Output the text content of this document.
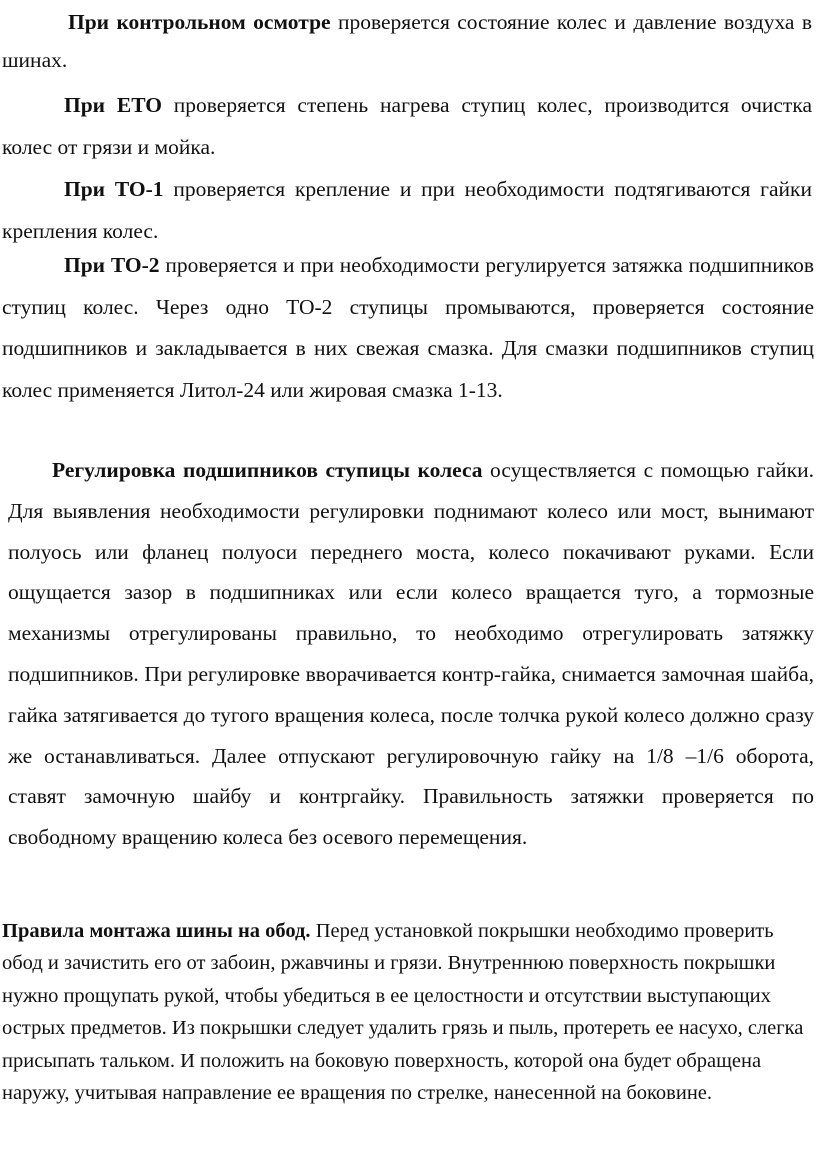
При контрольном осмотре проверяется состояние колес и давление воздуха в шинах.

При ЕТО проверяется степень нагрева ступиц колес, производится очистка колес от грязи и мойка.

При ТО-1 проверяется крепление и при необходимости подтягиваются гайки крепления колес.

При ТО-2 проверяется и при необходимости регулируется затяжка подшипников ступиц колес. Через одно ТО-2 ступицы промываются, проверяется состояние подшипников и закладывается в них свежая смазка. Для смазки подшипников ступиц колес применяется Литол-24 или жировая смазка 1-13.

Регулировка подшипников ступицы колеса осуществляется с помощью гайки. Для выявления необходимости регулировки поднимают колесо или мост, вынимают полуось или фланец полуоси переднего моста, колесо покачивают руками. Если ощущается зазор в подшипниках или если колесо вращается туго, а тормозные механизмы отрегулированы правильно, то необходимо отрегулировать затяжку подшипников. При регулировке вворачивается контр-гайка, снимается замочная шайба, гайка затягивается до тугого вращения колеса, после толчка рукой колесо должно сразу же останавливаться. Далее отпускают регулировочную гайку на 1/8 –1/6 оборота, ставят замочную шайбу и контргайку. Правильность затяжки проверяется по свободному вращению колеса без осевого перемещения.

Правила монтажа шины на обод. Перед установкой покрышки необходимо проверить обод и зачистить его от забоин, ржавчины и грязи. Внутреннюю поверхность покрышки нужно прощупать рукой, чтобы убедиться в ее целостности и отсутствии выступающих острых предметов. Из покрышки следует удалить грязь и пыль, протереть ее насухо, слегка присыпать тальком. И положить на боковую поверхность, которой она будет обращена наружу, учитывая направление ее вращения по стрелке, нанесенной на боковине.
